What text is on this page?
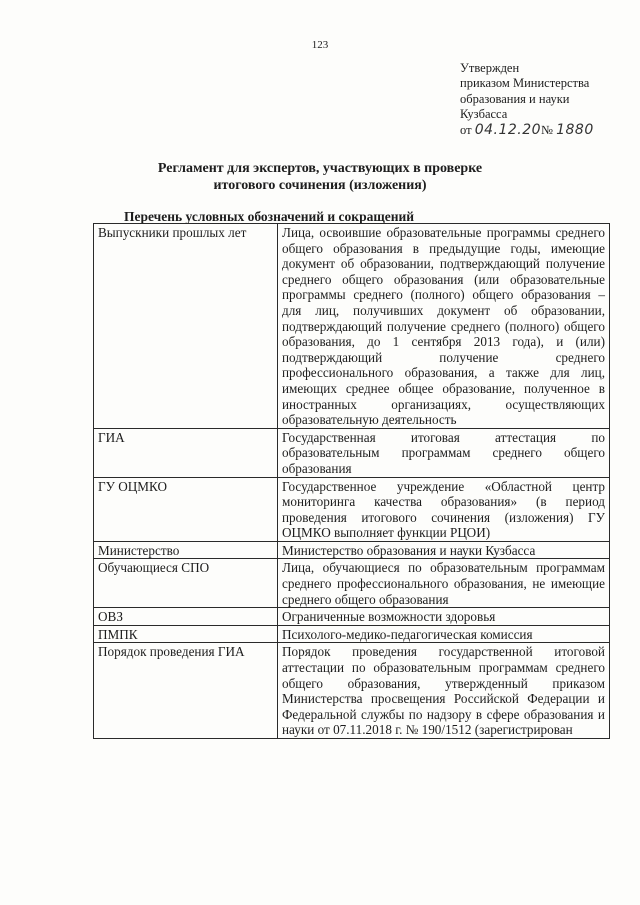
123
Утвержден
приказом Министерства
образования и науки
Кузбасса
от 04.12.20№ 1880
Регламент для экспертов, участвующих в проверке
итогового сочинения (изложения)
Перечень условных обозначений и сокращений
Выпускники прошлых лет	Лица, освоившие образовательные программы среднего общего образования в предыдущие годы, имеющие документ об образовании, подтверждающий получение среднего общего образования (или образовательные программы среднего (полного) общего образования – для лиц, получивших документ об образовании, подтверждающий получение среднего (полного) общего образования, до 1 сентября 2013 года), и (или) подтверждающий получение среднего профессионального образования, а также для лиц, имеющих среднее общее образование, полученное в иностранных организациях, осуществляющих образовательную деятельность
ГИА	Государственная итоговая аттестация по образовательным программам среднего общего образования
ГУ ОЦМКО	Государственное учреждение «Областной центр мониторинга качества образования» (в период проведения итогового сочинения (изложения) ГУ ОЦМКО выполняет функции РЦОИ)
Министерство	Министерство образования и науки Кузбасса
Обучающиеся СПО	Лица, обучающиеся по образовательным программам среднего профессионального образования, не имеющие среднего общего образования
ОВЗ	Ограниченные возможности здоровья
ПМПК	Психолого-медико-педагогическая комиссия
Порядок проведения ГИА	Порядок проведения государственной итоговой аттестации по образовательным программам среднего общего образования, утвержденный приказом Министерства просвещения Российской Федерации и Федеральной службы по надзору в сфере образования и науки от 07.11.2018 г. № 190/1512 (зарегистрирован
